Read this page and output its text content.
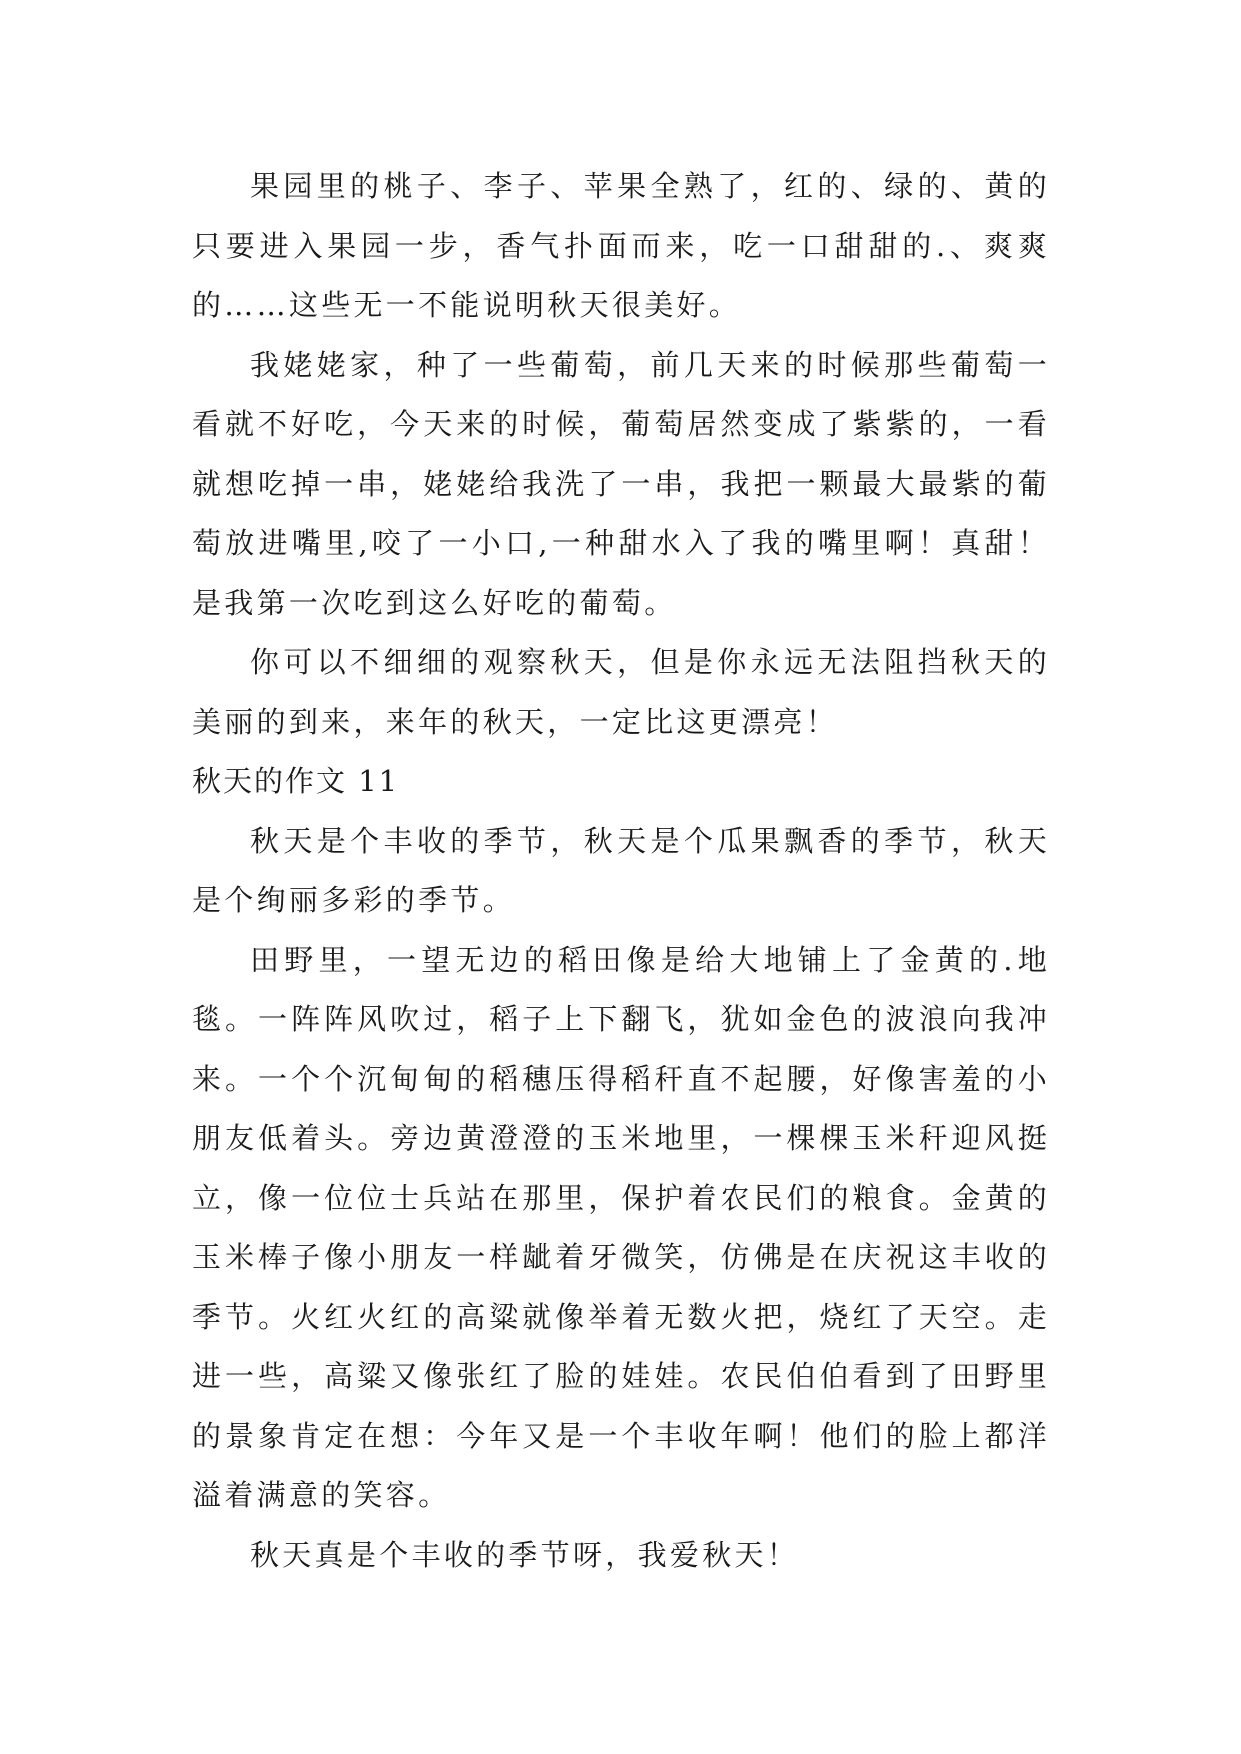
果园里的桃子、李子、苹果全熟了，红的、绿的、黄的只要进入果园一步，香气扑面而来，吃一口甜甜的.、爽爽的……这些无一不能说明秋天很美好。

我姥姥家，种了一些葡萄，前几天来的时候那些葡萄一看就不好吃，今天来的时候，葡萄居然变成了紫紫的，一看就想吃掉一串，姥姥给我洗了一串，我把一颗最大最紫的葡萄放进嘴里,咬了一小口,一种甜水入了我的嘴里啊！真甜！是我第一次吃到这么好吃的葡萄。

你可以不细细的观察秋天，但是你永远无法阻挡秋天的美丽的到来，来年的秋天，一定比这更漂亮！

秋天的作文 11

秋天是个丰收的季节，秋天是个瓜果飘香的季节，秋天是个绚丽多彩的季节。

田野里，一望无边的稻田像是给大地铺上了金黄的.地毯。一阵阵风吹过，稻子上下翻飞，犹如金色的波浪向我冲来。一个个沉甸甸的稻穗压得稻秆直不起腰，好像害羞的小朋友低着头。旁边黄澄澄的玉米地里，一棵棵玉米秆迎风挺立，像一位位士兵站在那里，保护着农民们的粮食。金黄的玉米棒子像小朋友一样龇着牙微笑，仿佛是在庆祝这丰收的季节。火红火红的高粱就像举着无数火把，烧红了天空。走进一些，高粱又像张红了脸的娃娃。农民伯伯看到了田野里的景象肯定在想：今年又是一个丰收年啊！他们的脸上都洋溢着满意的笑容。

秋天真是个丰收的季节呀，我爱秋天！
